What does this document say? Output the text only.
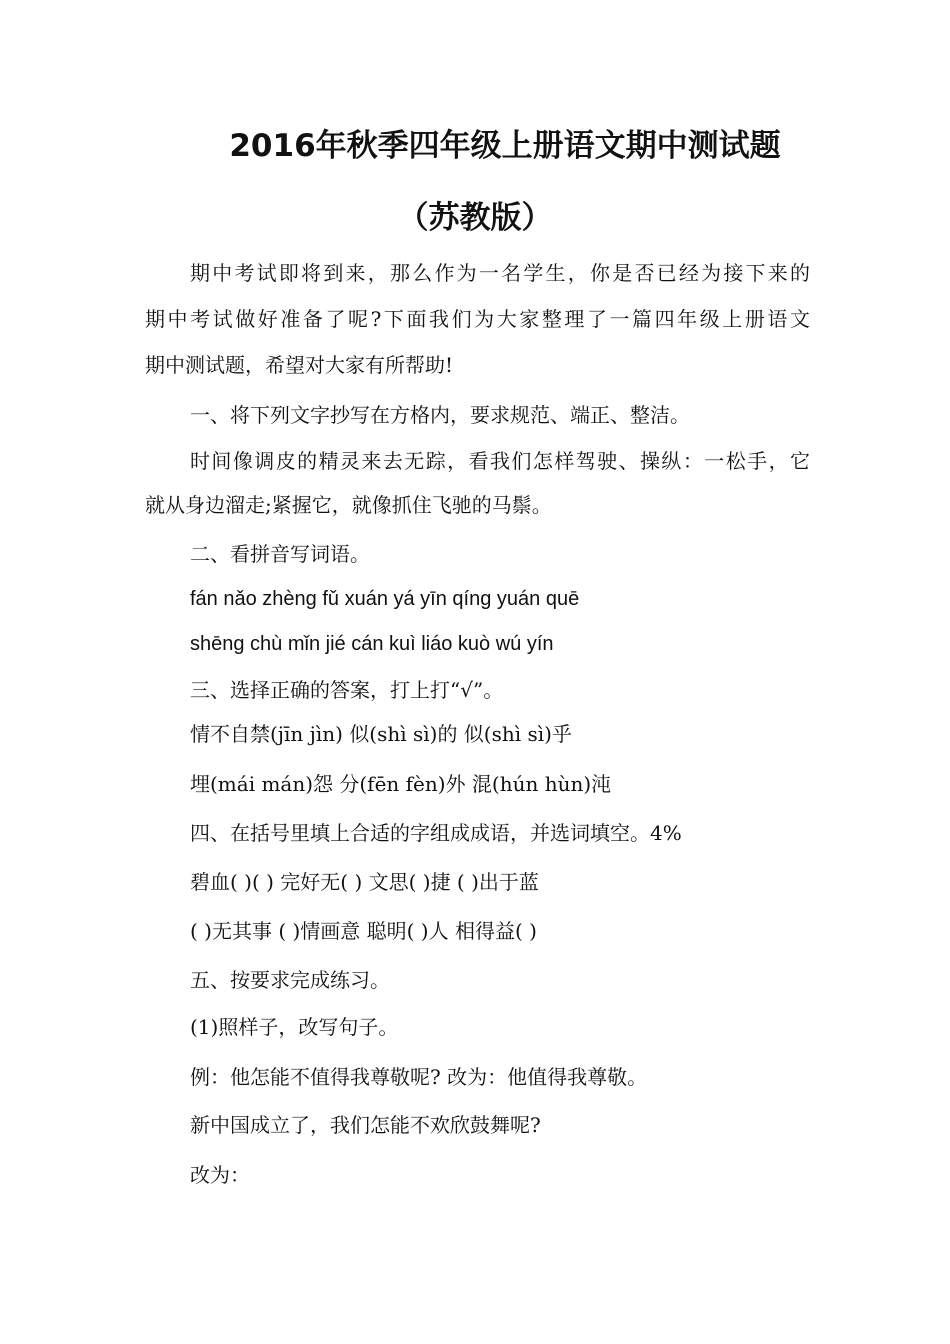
2016年秋季四年级上册语文期中测试题
（苏教版）
期中考试即将到来，那么作为一名学生，你是否已经为接下来的
期中考试做好准备了呢?下面我们为大家整理了一篇四年级上册语文
期中测试题，希望对大家有所帮助!
一、将下列文字抄写在方格内，要求规范、端正、整洁。
时间像调皮的精灵来去无踪，看我们怎样驾驶、操纵：一松手，它
就从身边溜走;紧握它，就像抓住飞驰的马鬃。
二、看拼音写词语。
fán nǎo zhèng fǔ xuán yá yīn qíng yuán quē
shēng chù mǐn jié cán kuì liáo kuò wú yín
三、选择正确的答案，打上打“√”。
情不自禁(jīn jìn) 似(shì sì)的 似(shì sì)乎
埋(mái mán)怨 分(fēn fèn)外 混(hún hùn)沌
四、在括号里填上合适的字组成成语，并选词填空。4%
碧血( )( ) 完好无( ) 文思( )捷 ( )出于蓝
( )无其事 ( )情画意 聪明( )人 相得益( )
五、按要求完成练习。
(1)照样子，改写句子。
例：他怎能不值得我尊敬呢? 改为：他值得我尊敬。
新中国成立了，我们怎能不欢欣鼓舞呢?
改为：
